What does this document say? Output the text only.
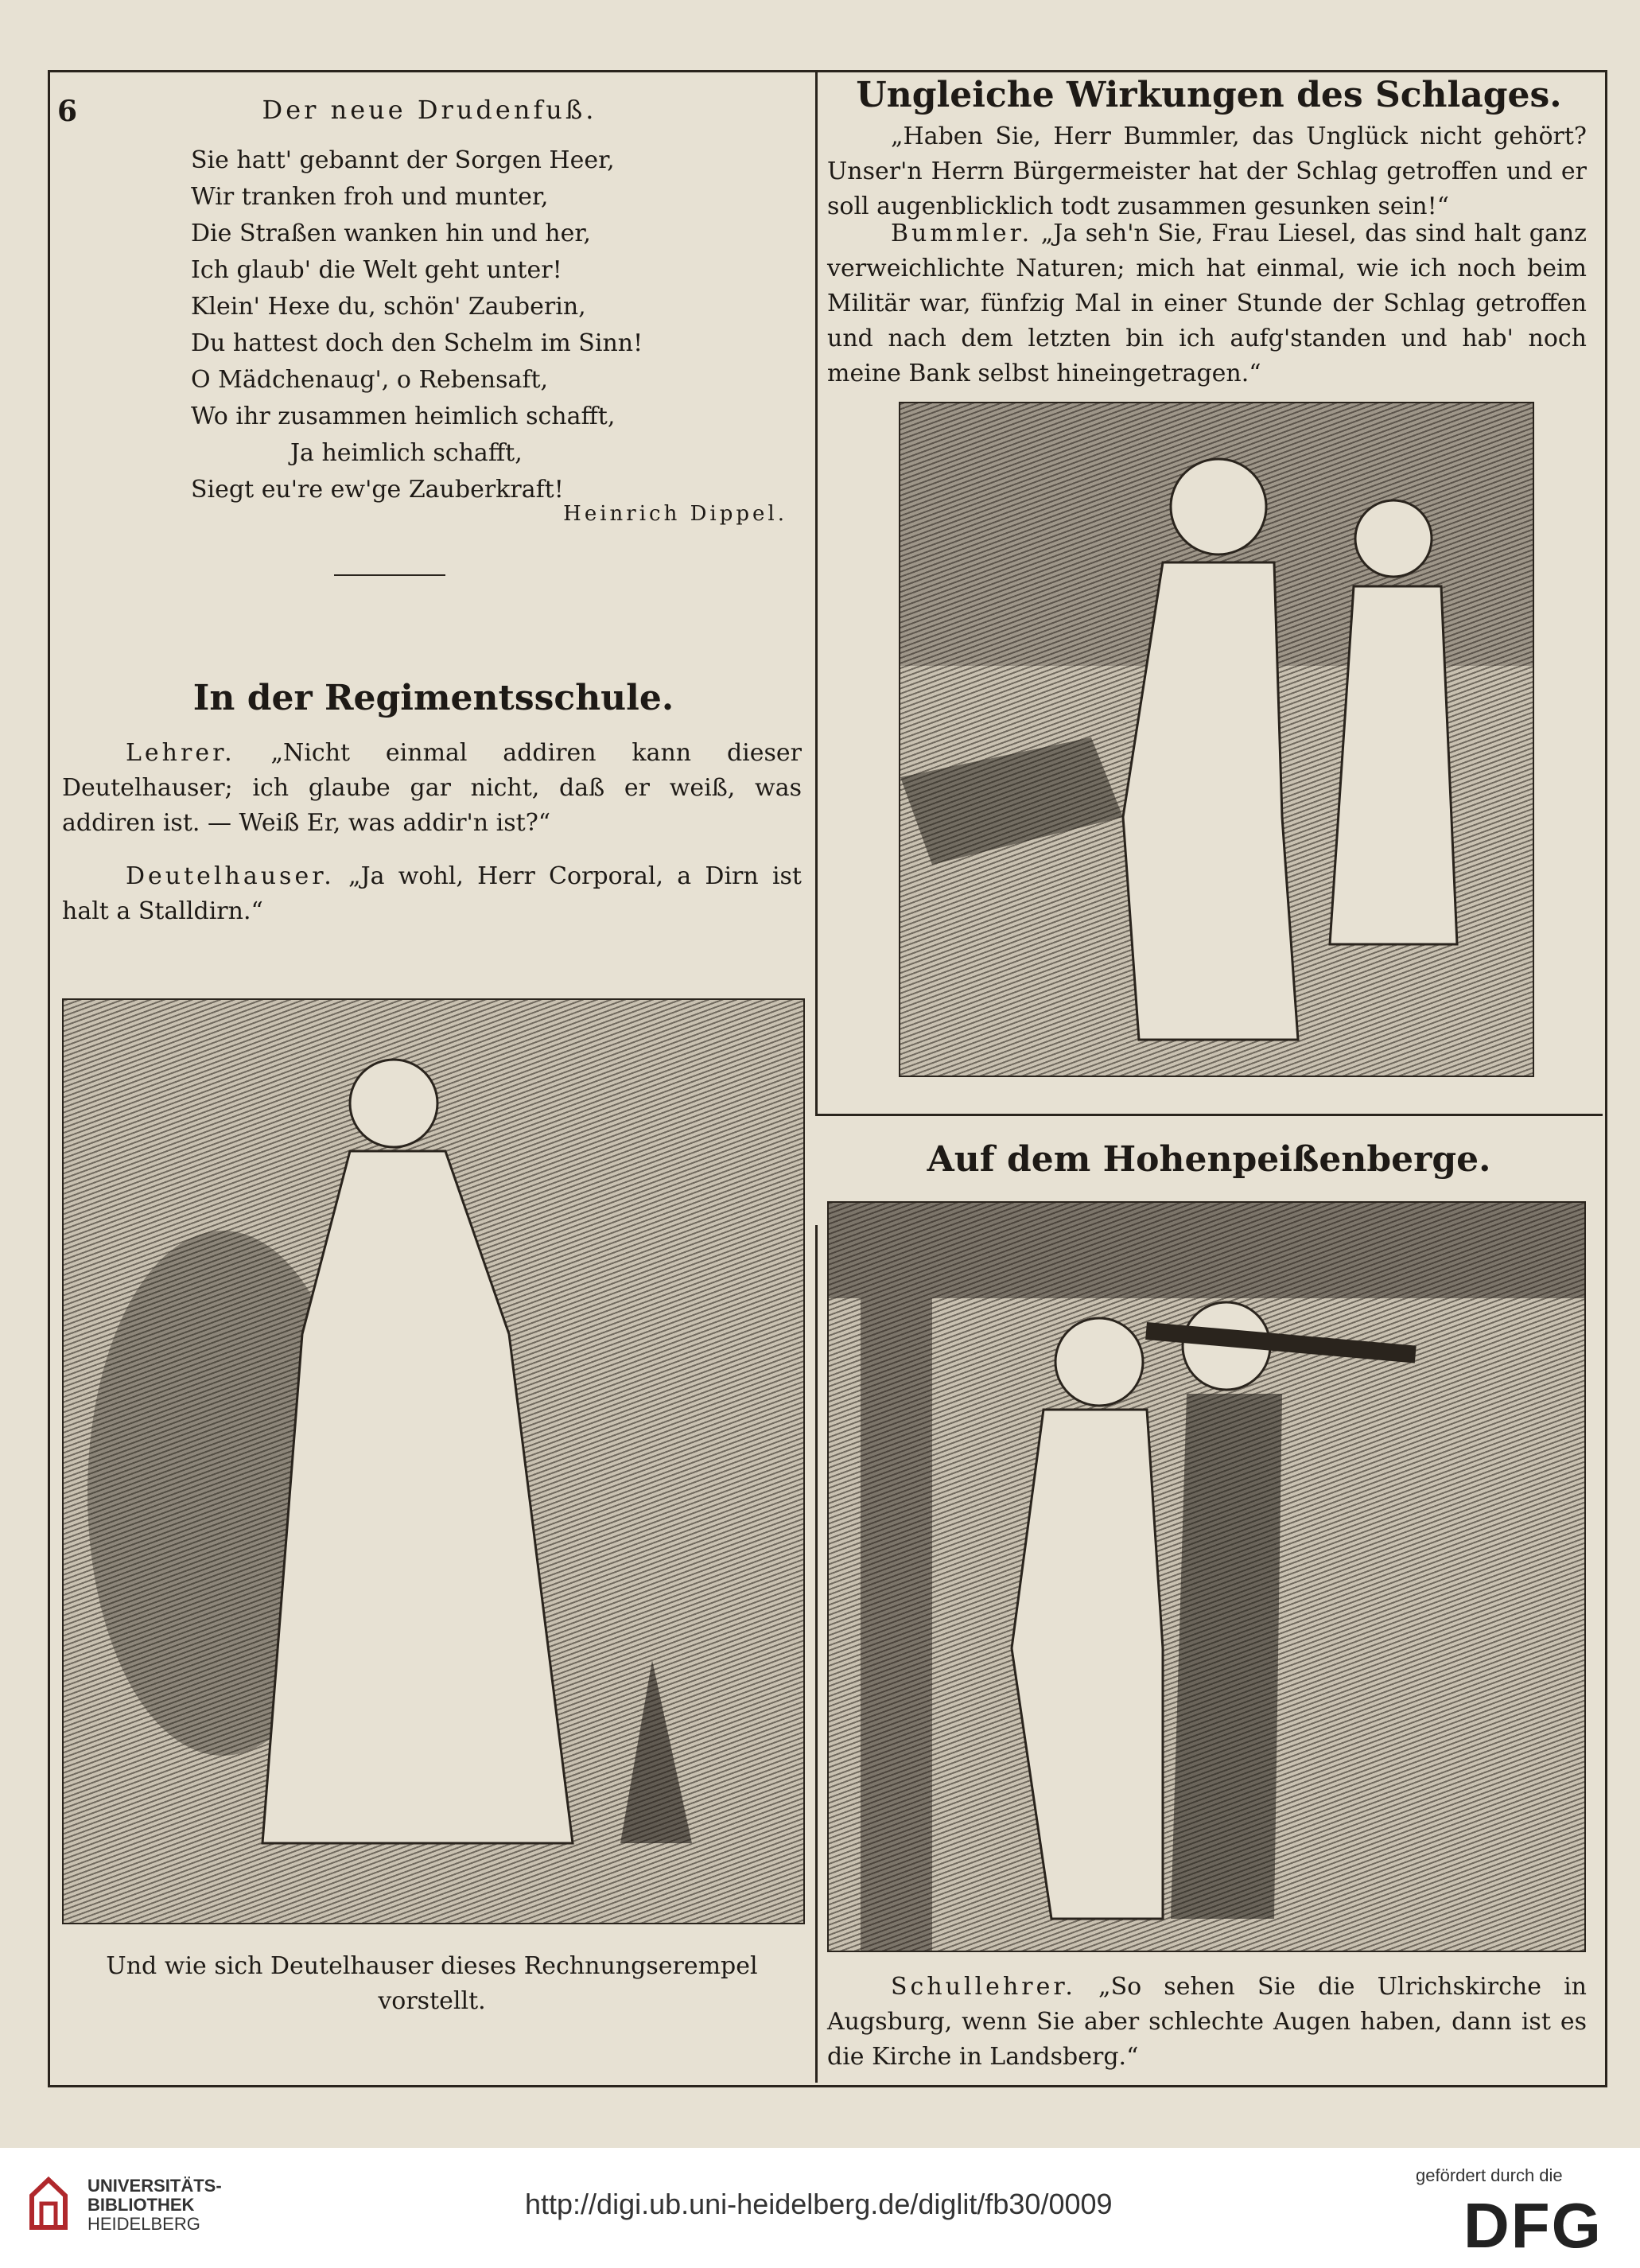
6	Der neue Drudenfuß.
Sie hatt' gebannt der Sorgen Heer,
Wir tranken froh und munter,
Die Straßen wanken hin und her,
Ich glaub' die Welt geht unter!
Klein' Hexe du, schön' Zauberin,
Du hattest doch den Schelm im Sinn!
O Mädchenaug', o Rebensaft,
Wo ihr zusammen heimlich schafft,
Ja heimlich schafft,
Siegt eu're ew'ge Zauberkraft!
Heinrich Dippel.
In der Regimentsschule.
Lehrer. „Nicht einmal addiren kann dieser Deutelhauser; ich glaube gar nicht, daß er weiß, was addiren ist. — Weiß Er, was addir'n ist?“
Deutelhauser. „Ja wohl, Herr Corporal, a Dirn ist halt a Stalldirn.“
Und wie sich Deutelhauser dieses Rechnungserempel vorstellt.
Ungleiche Wirkungen des Schlages.
„Haben Sie, Herr Bummler, das Unglück nicht gehört? Unser'n Herrn Bürgermeister hat der Schlag getroffen und er soll augenblicklich todt zusammen gesunken sein!“
Bummler. „Ja seh'n Sie, Frau Liesel, das sind halt ganz verweichlichte Naturen; mich hat einmal, wie ich noch beim Militär war, fünfzig Mal in einer Stunde der Schlag getroffen und nach dem letzten bin ich aufg'standen und hab' noch meine Bank selbst hineingetragen.“
Auf dem Hohenpeißenberge.
Schullehrer. „So sehen Sie die Ulrichskirche in Augsburg, wenn Sie aber schlechte Augen haben, dann ist es die Kirche in Landsberg.“
UNIVERSITÄTS-
BIBLIOTHEK
HEIDELBERG
http://digi.ub.uni-heidelberg.de/diglit/fb30/0009
gefördert durch die
DFG
